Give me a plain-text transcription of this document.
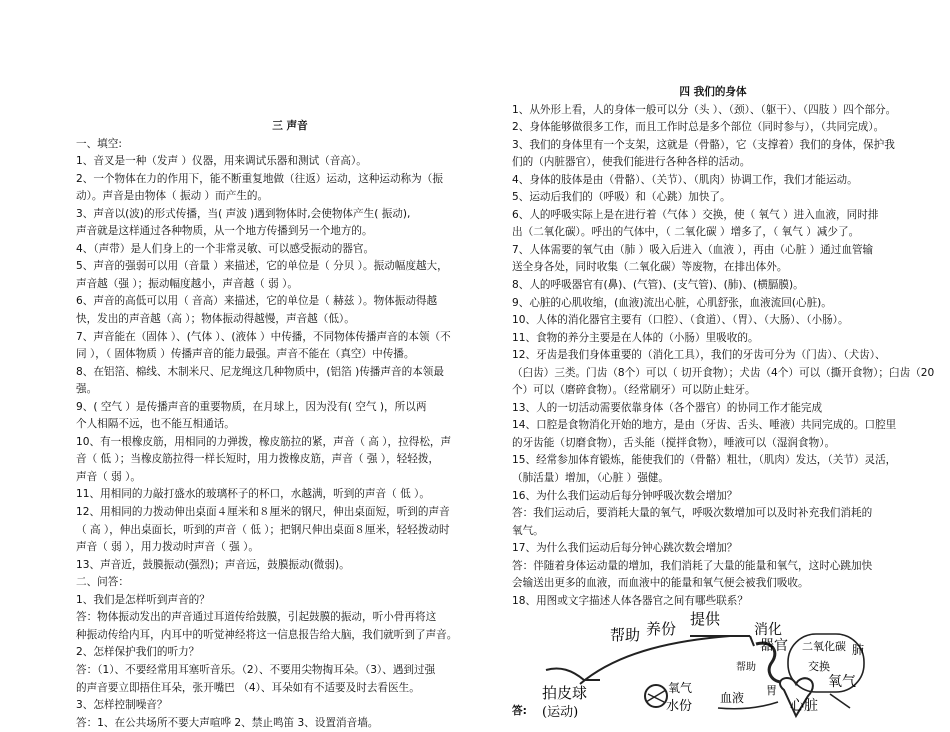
三 声音

一、填空:

1、音叉是一种（发声 ）仪器，用来调试乐器和测试（音高）。

2、一个物体在力的作用下，能不断重复地做（往返）运动，这种运动称为（振

动）。声音是由物体（ 振动 ）而产生的。

3、声音以(波)的形式传播，当( 声波 )遇到物体时,会使物体产生( 振动),

声音就是这样通过各种物质，从一个地方传播到另一个地方的。

4、（声带）是人们身上的一个非常灵敏、可以感受振动的器官。

5、声音的强弱可以用（音量 ）来描述，它的单位是（ 分贝 ）。振动幅度越大，

声音越（强 ）；振动幅度越小，声音越（ 弱 ）。

6、声音的高低可以用（ 音高）来描述，它的单位是（ 赫兹 ）。物体振动得越

快，发出的声音越（高 ）；物体振动得越慢，声音越（低）。

7、声音能在（固体 ）、(气体 ）、(液体 ）中传播，不同物体传播声音的本领（不

同 ），（ 固体物质 ）传播声音的能力最强。声音不能在（真空）中传播。

8、在铝箔、棉线、木制米尺、尼龙绳这几种物质中，(铝箔 )传播声音的本领最

强。

9、( 空气 ）是传播声音的重要物质，在月球上，因为没有( 空气 )，所以两

个人相隔不远，也不能互相通话。

10、有一根橡皮筋，用相同的力弹拨，橡皮筋拉的紧，声音（ 高 ），拉得松，声

音（ 低 ）；当橡皮筋拉得一样长短时，用力拨橡皮筋，声音（ 强 ），轻轻拨，

声音（ 弱 ）。

11、用相同的力敲打盛水的玻璃杯子的杯口，水越满，听到的声音（ 低 ）。

12、用相同的力拨动伸出桌面４厘米和８厘米的钢尺，伸出桌面短，听到的声音

（ 高 ），伸出桌面长，听到的声音（ 低 ）；把钢尺伸出桌面８厘米，轻轻拨动时

声音（ 弱 ），用力拨动时声音（ 强 ）。

13、声音近，鼓膜振动(强烈)；声音远，鼓膜振动(微弱)。

二、问答：

1、我们是怎样听到声音的？

答：物体振动发出的声音通过耳道传给鼓膜，引起鼓膜的振动，听小骨再将这

种振动传给内耳，内耳中的听觉神经将这一信息报告给大脑，我们就听到了声音。

2、怎样保护我们的听力？

答：（1）、不要经常用耳塞听音乐。（2）、不要用尖物掏耳朵。（3）、遇到过强

的声音要立即捂住耳朵，张开嘴巴 （4）、耳朵如有不适要及时去看医生。

3、怎样控制噪音？

答：1、在公共场所不要大声喧哗 2、禁止鸣笛 3、设置消音墙。

四 我们的身体

1、从外形上看，人的身体一般可以分（头 ）、（颈）、（躯干）、（四肢 ）四个部分。

2、身体能够做很多工作，而且工作时总是多个部位（同时参与），（共同完成）。

3、我们的身体里有一个支架，这就是（骨骼），它（支撑着）我们的身体，保护我

们的（内脏器官），使我们能进行各种各样的活动。

4、身体的肢体是由（骨骼）、（关节）、（肌肉）协调工作，我们才能运动。

5、运动后我们的（呼吸）和（心跳）加快了。

6、人的呼吸实际上是在进行着（气体 ）交换，使（ 氧气 ）进入血液，同时排

出（二氧化碳）。呼出的气体中，（ 二氧化碳 ）增多了，（ 氧气 ）减少了。

7、人体需要的氧气由（肺 ）吸入后进入（血液 ），再由（心脏 ）通过血管输

送全身各处，同时收集（二氧化碳）等废物，在排出体外。

8、人的呼吸器官有(鼻)、(气管)、(支气管)、(肺)、(横膈膜)。

9、心脏的心肌收缩，(血液)流出心脏，心肌舒张，血液流回(心脏)。

10、人体的消化器官主要有（口腔）、（食道）、（胃）、（大肠）、（小肠）。

11、食物的养分主要是在人体的（小肠）里吸收的。

12、牙齿是我们身体重要的（消化工具），我们的牙齿可分为（门齿）、（犬齿）、

（臼齿）三类。门齿（8个）可以（ 切开食物）；犬齿（4个）可以（撕开食物）；臼齿（20

个）可以（磨碎食物）。（经常刷牙）可以防止蛀牙。

13、人的一切活动需要依靠身体（各个器官）的协同工作才能完成

14、口腔是食物消化开始的地方，是由（牙齿、舌头、唾液）共同完成的。口腔里

的牙齿能（切磨食物），舌头能（搅拌食物），唾液可以（湿润食物）。

15、经常参加体育锻炼，能使我们的（骨骼）粗壮，（肌肉）发达，（关节）灵活，

（肺活量）增加，（心脏 ）强健。

16、为什么我们运动后每分钟呼吸次数会增加？

答：我们运动后，要消耗大量的氧气，呼吸次数增加可以及时补充我们消耗的

氧气。

17、为什么我们运动后每分钟心跳次数会增加？

答：伴随着身体运动量的增加，我们消耗了大量的能量和氧气，这时心跳加快

会输送出更多的血液，而血液中的能量和氧气便会被我们吸收。

18、用图或文字描述人体各器官之间有哪些联系？

答:
帮助 养份
提供
消化
器官 二氧化碳
交换
肺
帮助
拍皮球
(运动)
氧气
水份
血液
胃
心脏
氧气
